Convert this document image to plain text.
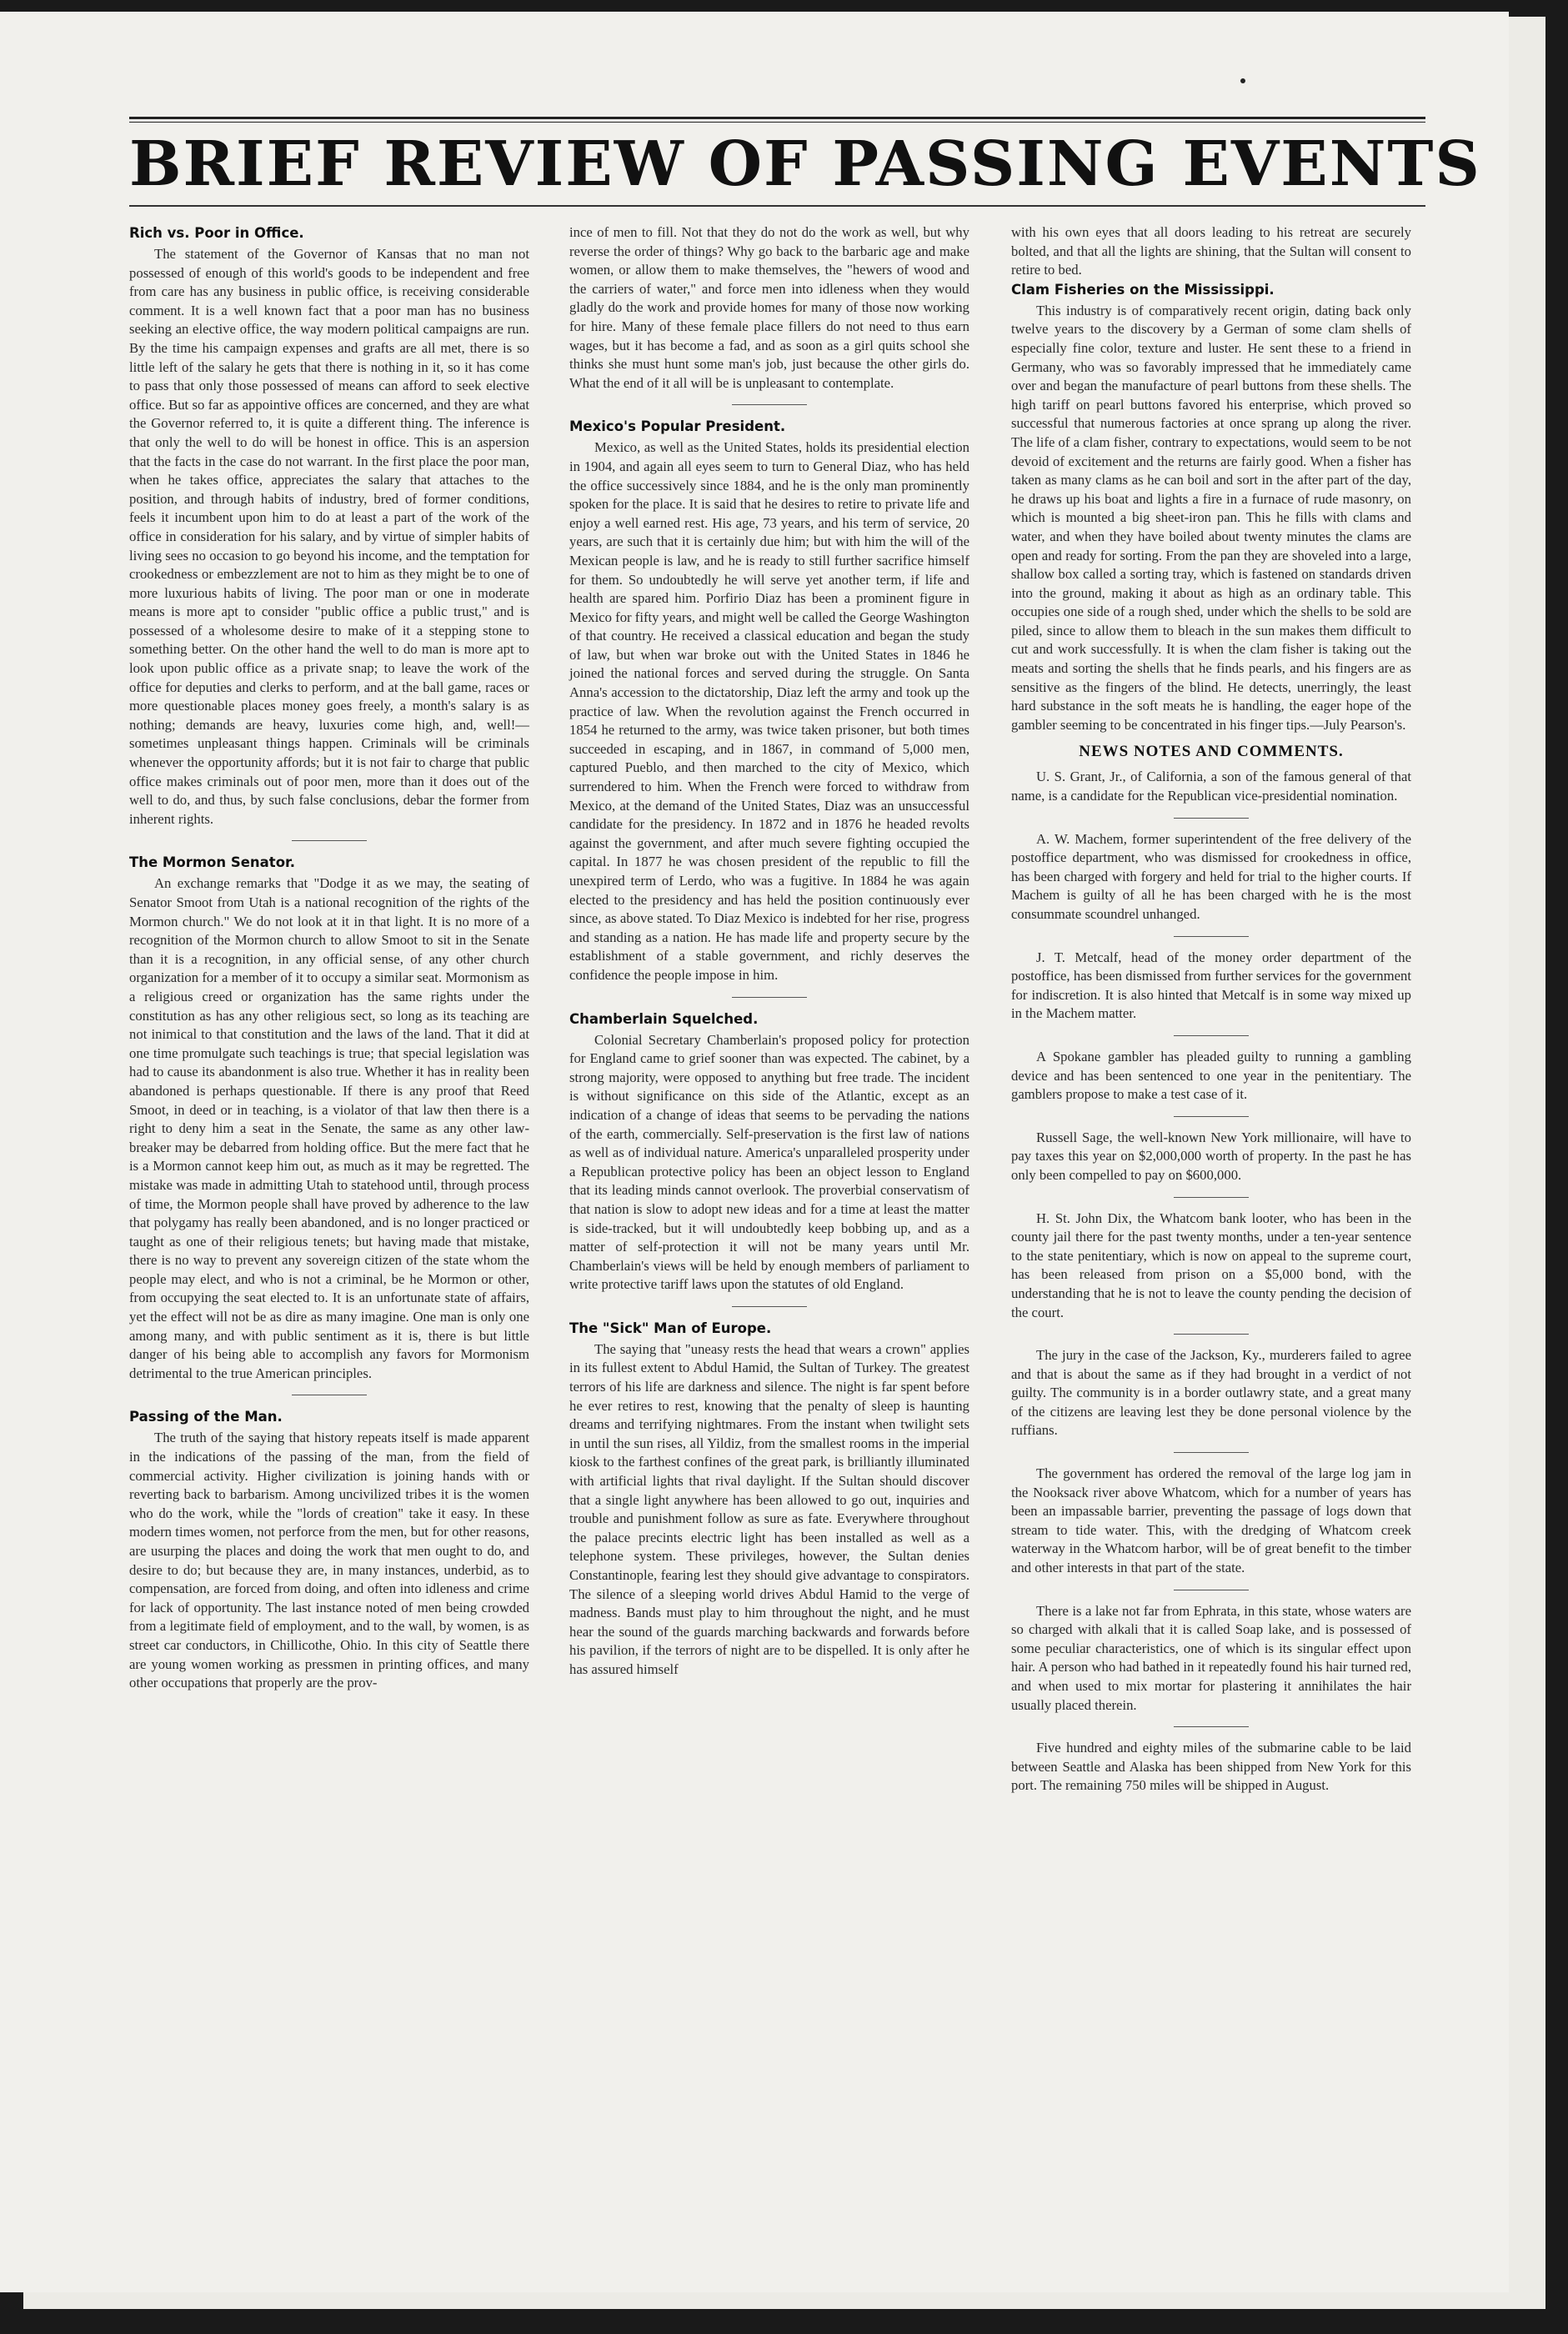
BRIEF REVIEW OF PASSING EVENTS
Rich vs. Poor in Office.

The statement of the Governor of Kansas that no man not possessed of enough of this world's goods to be independent and free from care has any business in public office, is receiving considerable comment. It is a well known fact that a poor man has no business seeking an elective office, the way modern political campaigns are run. By the time his campaign expenses and grafts are all met, there is so little left of the salary he gets that there is nothing in it, so it has come to pass that only those possessed of means can afford to seek elective office. But so far as appointive offices are concerned, and they are what the Governor referred to, it is quite a different thing. The inference is that only the well to do will be honest in office. This is an aspersion that the facts in the case do not warrant. In the first place the poor man, when he takes office, appreciates the salary that attaches to the position, and through habits of industry, bred of former conditions, feels it incumbent upon him to do at least a part of the work of the office in consideration for his salary, and by virtue of simpler habits of living sees no occasion to go beyond his income, and the temptation for crookedness or embezzlement are not to him as they might be to one of more luxurious habits of living. The poor man or one in moderate means is more apt to consider "public office a public trust," and is possessed of a wholesome desire to make of it a stepping stone to something better. On the other hand the well to do man is more apt to look upon public office as a private snap; to leave the work of the office for deputies and clerks to perform, and at the ball game, races or more questionable places money goes freely, a month's salary is as nothing; demands are heavy, luxuries come high, and, well!—sometimes unpleasant things happen. Criminals will be criminals whenever the opportunity affords; but it is not fair to charge that public office makes criminals out of poor men, more than it does out of the well to do, and thus, by such false conclusions, debar the former from inherent rights.

The Mormon Senator.

An exchange remarks that "Dodge it as we may, the seating of Senator Smoot from Utah is a national recognition of the rights of the Mormon church." We do not look at it in that light. It is no more of a recognition of the Mormon church to allow Smoot to sit in the Senate than it is a recognition, in any official sense, of any other church organization for a member of it to occupy a similar seat. Mormonism as a religious creed or organization has the same rights under the constitution as has any other religious sect, so long as its teaching are not inimical to that constitution and the laws of the land. That it did at one time promulgate such teachings is true; that special legislation was had to cause its abandonment is also true. Whether it has in reality been abandoned is perhaps questionable. If there is any proof that Reed Smoot, in deed or in teaching, is a violator of that law then there is a right to deny him a seat in the Senate, the same as any other law-breaker may be debarred from holding office. But the mere fact that he is a Mormon cannot keep him out, as much as it may be regretted. The mistake was made in admitting Utah to statehood until, through process of time, the Mormon people shall have proved by adherence to the law that polygamy has really been abandoned, and is no longer practiced or taught as one of their religious tenets; but having made that mistake, there is no way to prevent any sovereign citizen of the state whom the people may elect, and who is not a criminal, be he Mormon or other, from occupying the seat elected to. It is an unfortunate state of affairs, yet the effect will not be as dire as many imagine. One man is only one among many, and with public sentiment as it is, there is but little danger of his being able to accomplish any favors for Mormonism detrimental to the true American principles.

Passing of the Man.

The truth of the saying that history repeats itself is made apparent in the indications of the passing of the man, from the field of commercial activity. Higher civilization is joining hands with or reverting back to barbarism. Among uncivilized tribes it is the women who do the work, while the "lords of creation" take it easy. In these modern times women, not perforce from the men, but for other reasons, are usurping the places and doing the work that men ought to do, and desire to do; but because they are, in many instances, underbid, as to compensation, are forced from doing, and often into idleness and crime for lack of opportunity. The last instance noted of men being crowded from a legitimate field of employment, and to the wall, by women, is as street car conductors, in Chillicothe, Ohio. In this city of Seattle there are young women working as pressmen in printing offices, and many other occupations that properly are the prov-

ince of men to fill. Not that they do not do the work as well, but why reverse the order of things? Why go back to the barbaric age and make women, or allow them to make themselves, the "hewers of wood and the carriers of water," and force men into idleness when they would gladly do the work and provide homes for many of those now working for hire. Many of these female place fillers do not need to thus earn wages, but it has become a fad, and as soon as a girl quits school she thinks she must hunt some man's job, just because the other girls do. What the end of it all will be is unpleasant to contemplate.

Mexico's Popular President.

Mexico, as well as the United States, holds its presidential election in 1904, and again all eyes seem to turn to General Diaz, who has held the office successively since 1884, and he is the only man prominently spoken for the place. It is said that he desires to retire to private life and enjoy a well earned rest. His age, 73 years, and his term of service, 20 years, are such that it is certainly due him; but with him the will of the Mexican people is law, and he is ready to still further sacrifice himself for them. So undoubtedly he will serve yet another term, if life and health are spared him. Porfirio Diaz has been a prominent figure in Mexico for fifty years, and might well be called the George Washington of that country. He received a classical education and began the study of law, but when war broke out with the United States in 1846 he joined the national forces and served during the struggle. On Santa Anna's accession to the dictatorship, Diaz left the army and took up the practice of law. When the revolution against the French occurred in 1854 he returned to the army, was twice taken prisoner, but both times succeeded in escaping, and in 1867, in command of 5,000 men, captured Pueblo, and then marched to the city of Mexico, which surrendered to him. When the French were forced to withdraw from Mexico, at the demand of the United States, Diaz was an unsuccessful candidate for the presidency. In 1872 and in 1876 he headed revolts against the government, and after much severe fighting occupied the capital. In 1877 he was chosen president of the republic to fill the unexpired term of Lerdo, who was a fugitive. In 1884 he was again elected to the presidency and has held the position continuously ever since, as above stated. To Diaz Mexico is indebted for her rise, progress and standing as a nation. He has made life and property secure by the establishment of a stable government, and richly deserves the confidence the people impose in him.

Chamberlain Squelched.

Colonial Secretary Chamberlain's proposed policy for protection for England came to grief sooner than was expected. The cabinet, by a strong majority, were opposed to anything but free trade. The incident is without significance on this side of the Atlantic, except as an indication of a change of ideas that seems to be pervading the nations of the earth, commercially. Self-preservation is the first law of nations as well as of individual nature. America's unparalleled prosperity under a Republican protective policy has been an object lesson to England that its leading minds cannot overlook. The proverbial conservatism of that nation is slow to adopt new ideas and for a time at least the matter is side-tracked, but it will undoubtedly keep bobbing up, and as a matter of self-protection it will not be many years until Mr. Chamberlain's views will be held by enough members of parliament to write protective tariff laws upon the statutes of old England.

The "Sick" Man of Europe.

The saying that "uneasy rests the head that wears a crown" applies in its fullest extent to Abdul Hamid, the Sultan of Turkey. The greatest terrors of his life are darkness and silence. The night is far spent before he ever retires to rest, knowing that the penalty of sleep is haunting dreams and terrifying nightmares. From the instant when twilight sets in until the sun rises, all Yildiz, from the smallest rooms in the imperial kiosk to the farthest confines of the great park, is brilliantly illuminated with artificial lights that rival daylight. If the Sultan should discover that a single light anywhere has been allowed to go out, inquiries and trouble and punishment follow as sure as fate. Everywhere throughout the palace precints electric light has been installed as well as a telephone system. These privileges, however, the Sultan denies Constantinople, fearing lest they should give advantage to conspirators. The silence of a sleeping world drives Abdul Hamid to the verge of madness. Bands must play to him throughout the night, and he must hear the sound of the guards marching backwards and forwards before his pavilion, if the terrors of night are to be dispelled. It is only after he has assured himself

with his own eyes that all doors leading to his retreat are securely bolted, and that all the lights are shining, that the Sultan will consent to retire to bed.

Clam Fisheries on the Mississippi.

This industry is of comparatively recent origin, dating back only twelve years to the discovery by a German of some clam shells of especially fine color, texture and luster. He sent these to a friend in Germany, who was so favorably impressed that he immediately came over and began the manufacture of pearl buttons from these shells. The high tariff on pearl buttons favored his enterprise, which proved so successful that numerous factories at once sprang up along the river. The life of a clam fisher, contrary to expectations, would seem to be not devoid of excitement and the returns are fairly good. When a fisher has taken as many clams as he can boil and sort in the after part of the day, he draws up his boat and lights a fire in a furnace of rude masonry, on which is mounted a big sheet-iron pan. This he fills with clams and water, and when they have boiled about twenty minutes the clams are open and ready for sorting. From the pan they are shoveled into a large, shallow box called a sorting tray, which is fastened on standards driven into the ground, making it about as high as an ordinary table. This occupies one side of a rough shed, under which the shells to be sold are piled, since to allow them to bleach in the sun makes them difficult to cut and work successfully. It is when the clam fisher is taking out the meats and sorting the shells that he finds pearls, and his fingers are as sensitive as the fingers of the blind. He detects, unerringly, the least hard substance in the soft meats he is handling, the eager hope of the gambler seeming to be concentrated in his finger tips.—July Pearson's.

NEWS NOTES AND COMMENTS.

U. S. Grant, Jr., of California, a son of the famous general of that name, is a candidate for the Republican vice-presidential nomination.

A. W. Machem, former superintendent of the free delivery of the postoffice department, who was dismissed for crookedness in office, has been charged with forgery and held for trial to the higher courts. If Machem is guilty of all he has been charged with he is the most consummate scoundrel unhanged.

J. T. Metcalf, head of the money order department of the postoffice, has been dismissed from further services for the government for indiscretion. It is also hinted that Metcalf is in some way mixed up in the Machem matter.

A Spokane gambler has pleaded guilty to running a gambling device and has been sentenced to one year in the penitentiary. The gamblers propose to make a test case of it.

Russell Sage, the well-known New York millionaire, will have to pay taxes this year on $2,000,000 worth of property. In the past he has only been compelled to pay on $600,000.

H. St. John Dix, the Whatcom bank looter, who has been in the county jail there for the past twenty months, under a ten-year sentence to the state penitentiary, which is now on appeal to the supreme court, has been released from prison on a $5,000 bond, with the understanding that he is not to leave the county pending the decision of the court.

The jury in the case of the Jackson, Ky., murderers failed to agree and that is about the same as if they had brought in a verdict of not guilty. The community is in a border outlawry state, and a great many of the citizens are leaving lest they be done personal violence by the ruffians.

The government has ordered the removal of the large log jam in the Nooksack river above Whatcom, which for a number of years has been an impassable barrier, preventing the passage of logs down that stream to tide water. This, with the dredging of Whatcom creek waterway in the Whatcom harbor, will be of great benefit to the timber and other interests in that part of the state.

There is a lake not far from Ephrata, in this state, whose waters are so charged with alkali that it is called Soap lake, and is possessed of some peculiar characteristics, one of which is its singular effect upon hair. A person who had bathed in it repeatedly found his hair turned red, and when used to mix mortar for plastering it annihilates the hair usually placed therein.

Five hundred and eighty miles of the submarine cable to be laid between Seattle and Alaska has been shipped from New York for this port. The remaining 750 miles will be shipped in August.
